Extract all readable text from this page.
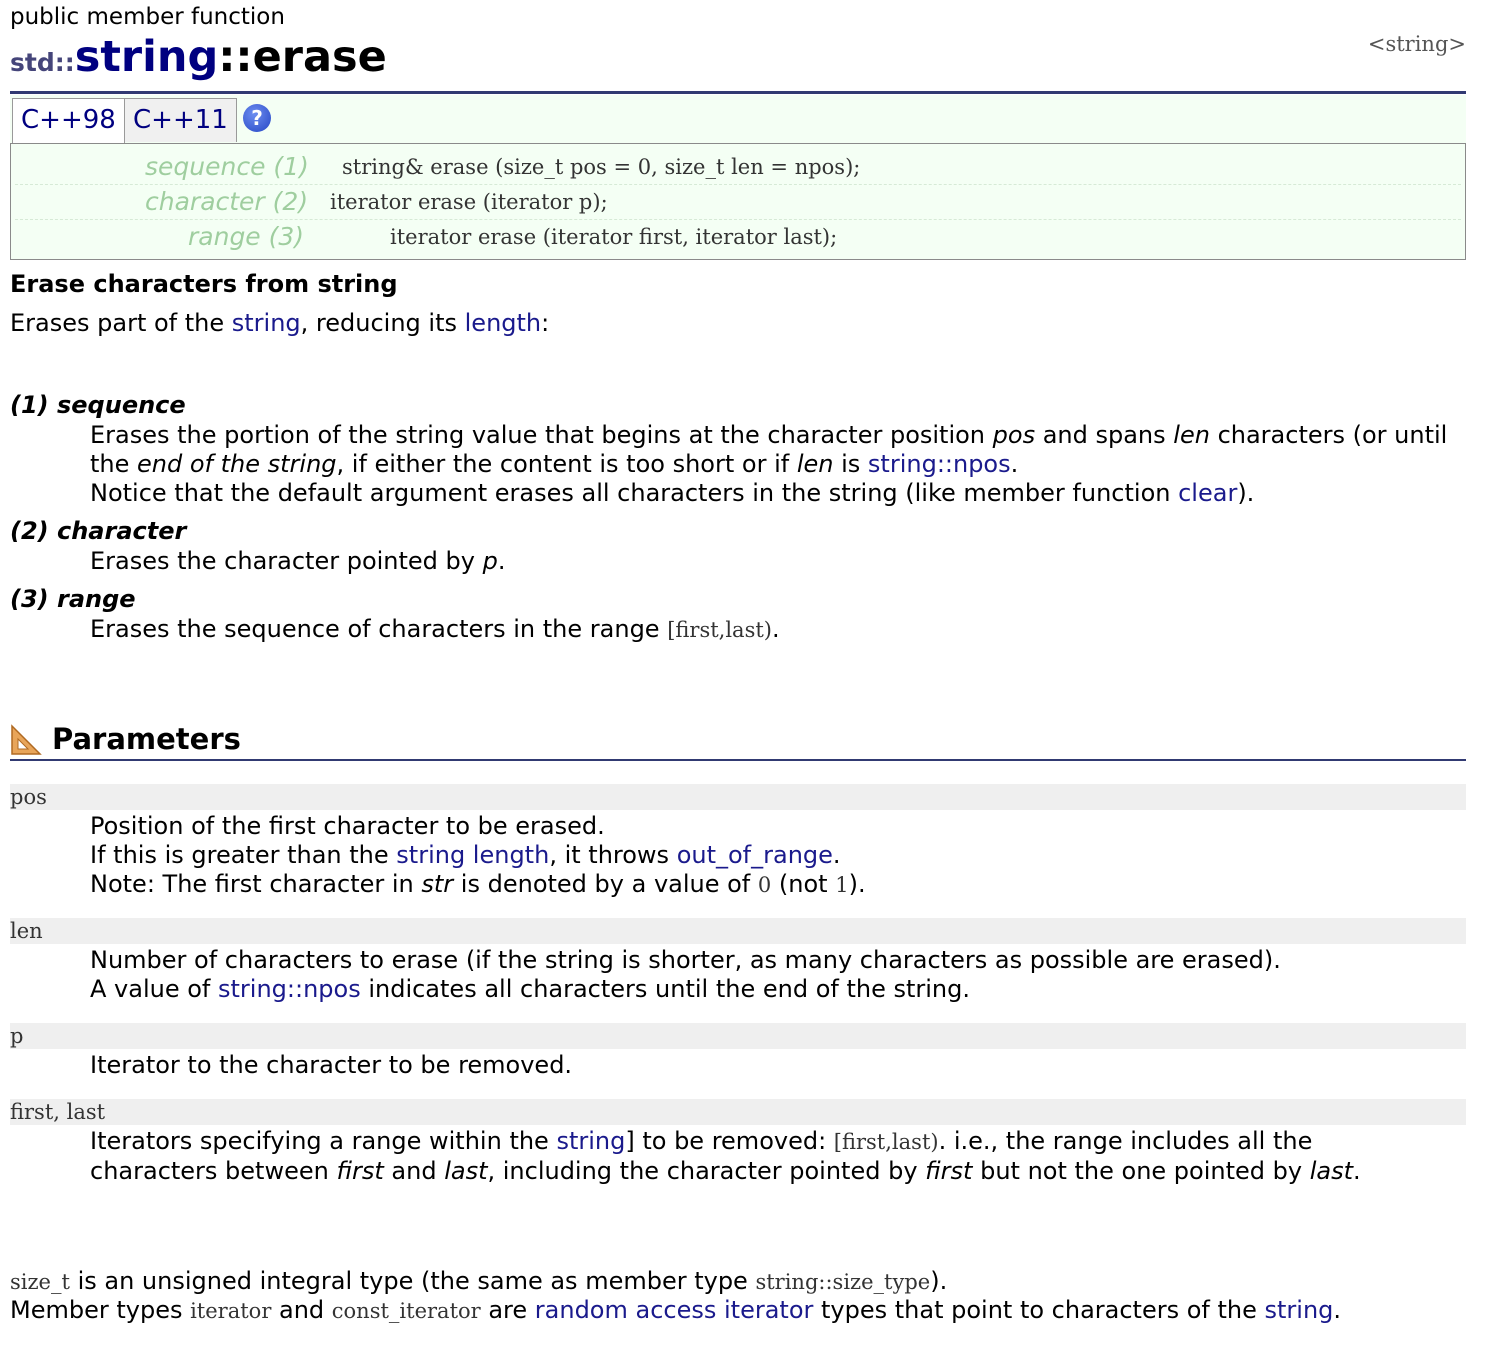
public member function
std::string::erase	<string>
C++98 C++11	?
sequence (1) string& erase (size_t pos = 0, size_t len = npos);
character (2) iterator erase (iterator p);
range (3)	iterator erase (iterator first, iterator last);
Erase characters from string
Erases part of the string, reducing its length:
(1) sequence
Erases the portion of the string value that begins at the character position pos and spans len characters (or until
the end of the string, if either the content is too short or if len is string::npos.
Notice that the default argument erases all characters in the string (like member function clear).
(2) character
Erases the character pointed by p.
(3) range
Erases the sequence of characters in the range [first,last).
Parameters
pos
Position of the first character to be erased.
If this is greater than the string length, it throws out_of_range.
Note: The first character in str is denoted by a value of 0 (not 1).
len
Number of characters to erase (if the string is shorter, as many characters as possible are erased).
A value of string::npos indicates all characters until the end of the string.
p
Iterator to the character to be removed.
first, last
Iterators specifying a range within the string] to be removed: [first,last). i.e., the range includes all the
characters between first and last, including the character pointed by first but not the one pointed by last.
size_t is an unsigned integral type (the same as member type string::size_type).
Member types iterator and const_iterator are random access iterator types that point to characters of the string.
